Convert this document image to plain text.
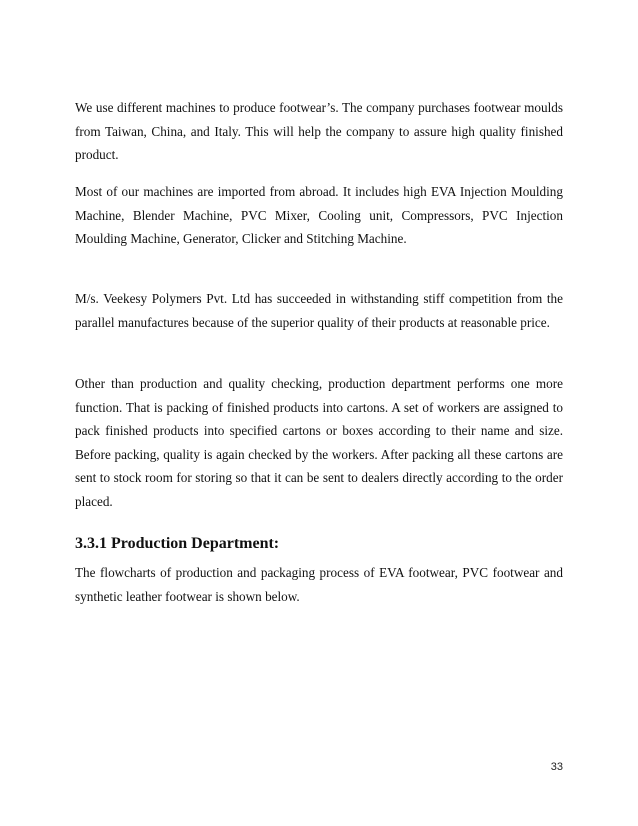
We use different machines to produce footwear’s. The company purchases footwear moulds from Taiwan, China, and Italy. This will help the company to assure high quality finished product.

Most of our machines are imported from abroad. It includes high EVA Injection Moulding Machine, Blender Machine, PVC Mixer, Cooling unit, Compressors, PVC Injection Moulding Machine, Generator, Clicker and Stitching Machine.

M/s. Veekesy Polymers Pvt. Ltd has succeeded in withstanding stiff competition from the parallel manufactures because of the superior quality of their products at reasonable price.

Other than production and quality checking, production department performs one more function. That is packing of finished products into cartons. A set of workers are assigned to pack finished products into specified cartons or boxes according to their name and size. Before packing, quality is again checked by the workers. After packing all these cartons are sent to stock room for storing so that it can be sent to dealers directly according to the order placed.

3.3.1 Production Department:

The flowcharts of production and packaging process of EVA footwear, PVC footwear and synthetic leather footwear is shown below.

33
